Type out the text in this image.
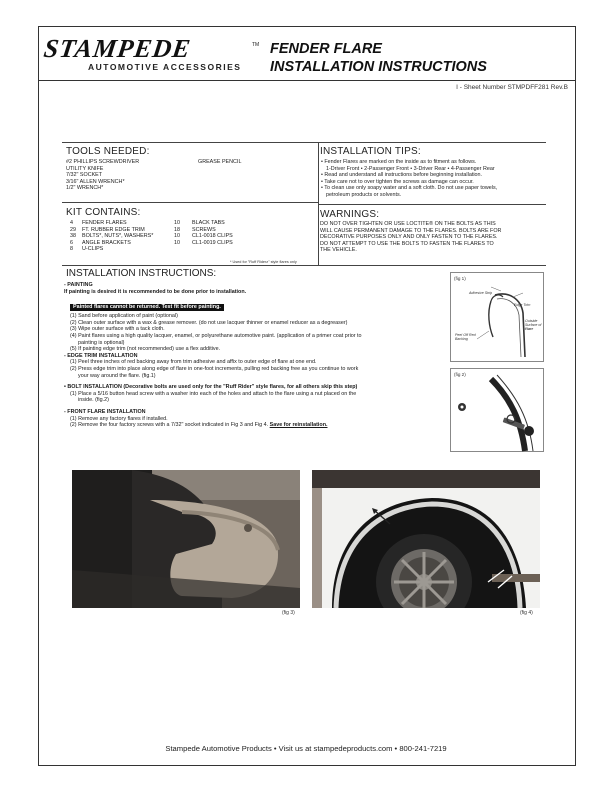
STAMPEDE	TM
AUTOMOTIVE ACCESSORIES
FENDER FLARE
INSTALLATION INSTRUCTIONS
I - Sheet Number STMPDFF281 Rev.B
TOOLS NEEDED:
#2 PHILLIPS SCREWDRIVER
UTILITY KNIFE
7/32" SOCKET
3/16" ALLEN WRENCH*
1/2" WRENCH*
GREASE PENCIL
KIT CONTAINS:
4	FENDER FLARES	10	BLACK TABS
29	FT. RUBBER EDGE TRIM	18	SCREWS
38	BOLTS*, NUTS*, WASHERS*	10	CL1-0018 CLIPS
6	ANGLE BRACKETS	10	CL1-0019 CLIPS
8	U-CLIPS		
* Used for "Ruff Riderz" style flares only
INSTALLATION TIPS:
• Fender Flares are marked on the inside as to fitment as follows.
1-Driver Front • 2-Passenger Front • 3-Driver Rear • 4-Passenger Rear
• Read and understand all instructions before beginning installation.
• Take care not to over tighten the screws as damage can occur.
• To clean use only soapy water and a soft cloth. Do not use paper towels,
petroleum products or solvents.
WARNINGS:
DO NOT OVER TIGHTEN OR USE LOCTITE® ON THE BOLTS AS THIS
WILL CAUSE PERMANENT DAMAGE TO THE FLARES. BOLTS ARE FOR
DECORATIVE PURPOSES ONLY AND ONLY FASTEN TO THE FLARES.
DO NOT ATTEMPT TO USE THE BOLTS TO FASTEN THE FLARES TO
THE VEHICLE.
INSTALLATION INSTRUCTIONS:
- PAINTING
If painting is desired it is recommended to be done prior to installation.
Painted flares cannot be returned. Test fit before painting.
(1) Sand before application of paint (optional)
(2) Clean outer surface with a wax & grease remover. (do not use lacquer thinner or enamel reducer as a degreaser)
(3) Wipe outer surface with a tack cloth.
(4) Paint flares using a high quality lacquer, enamel, or polyurethane automotive paint. (application of a primer coat prior to
painting is optional)
(5) If painting edge trim (not recommended) use a flex additive.
- EDGE TRIM INSTALLATION
(1) Peel three inches of red backing away from trim adhesive and affix to outer edge of flare at one end.
(2) Press edge trim into place along edge of flare in one-foot increments, pulling red backing free as you continue to work
your way around the flare. (fig.1)
• BOLT INSTALLATION (Decorative bolts are used only for the "Ruff Rider" style flares, for all others skip this step)
(1) Place a 5/16 button head screw with a washer into each of the holes and attach to the flare using a nut placed on the
inside. (fig.2)
- FRONT FLARE INSTALLATION
(1) Remove any factory flares if installed.
(2) Remove the four factory screws with a 7/32" socket indicated in Fig 3 and Fig 4. Save for reinstallation.
(fig 1)
Adhesive Strip
Edge Trim
Outside Surface of Flare
Peel Off Red Backing
(fig 2)
(fig 3)	(fig 4)
Stampede Automotive Products • Visit us at stampedeproducts.com • 800-241-7219
